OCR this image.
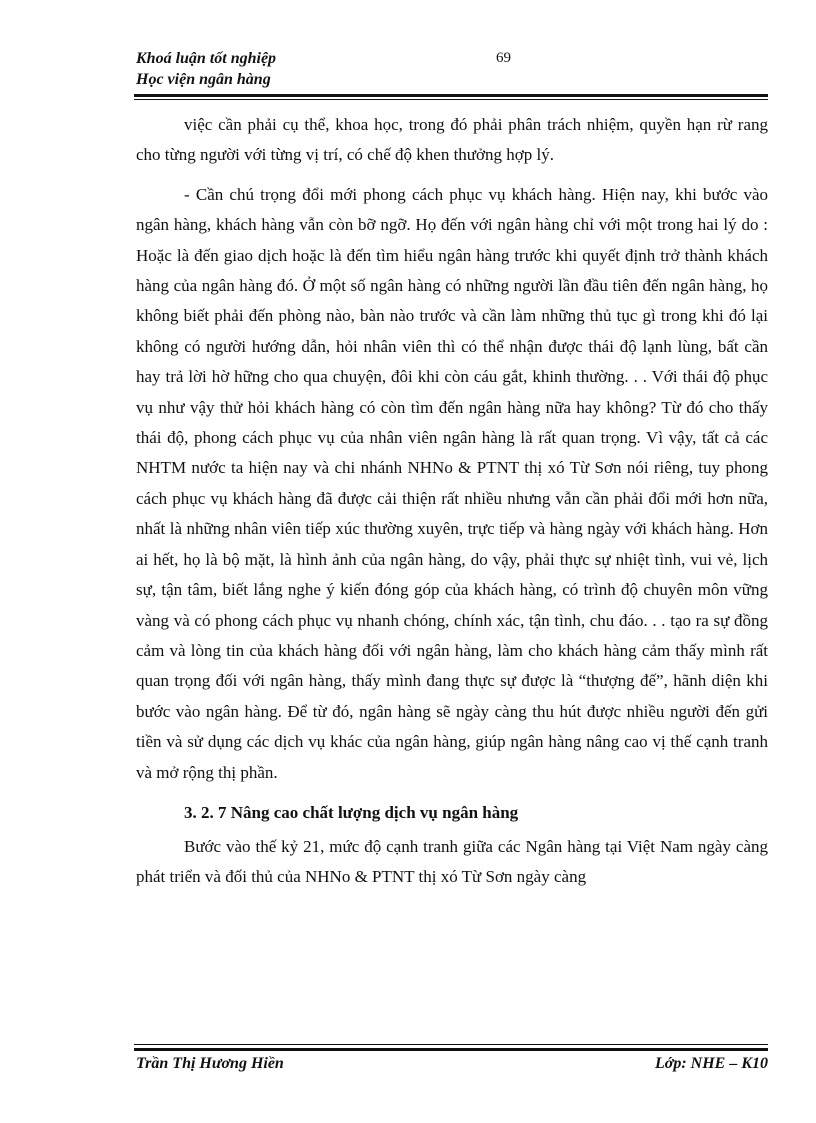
Khoá luận tốt nghiệp
Học viện ngân hàng
69

việc cần phải cụ thể, khoa học, trong đó phải phân trách nhiệm, quyền hạn rừ rang cho từng người với từng vị trí, có chế độ khen thưởng hợp lý.

- Cần chú trọng đổi mới phong cách phục vụ khách hàng. Hiện nay, khi bước vào ngân hàng, khách hàng vẫn còn bỡ ngỡ. Họ đến với ngân hàng chỉ với một trong hai lý do : Hoặc là đến giao dịch hoặc là đến tìm hiểu ngân hàng trước khi quyết định trở thành khách hàng của ngân hàng đó. Ở một số ngân hàng có những người lần đầu tiên đến ngân hàng, họ không biết phải đến phòng nào, bàn nào trước và cần làm những thủ tục gì trong khi đó lại không có người hướng dẫn, hỏi nhân viên thì có thể nhận được thái độ lạnh lùng, bất cần hay trả lời hờ hững cho qua chuyện, đôi khi còn cáu gắt, khinh thường. . . Với thái độ phục vụ như vậy thử hỏi khách hàng có còn tìm đến ngân hàng nữa hay không? Từ đó cho thấy thái độ, phong cách phục vụ của nhân viên ngân hàng là rất quan trọng. Vì vậy, tất cả các NHTM nước ta hiện nay và chi nhánh NHNo & PTNT thị xó Từ Sơn nói riêng, tuy phong cách phục vụ khách hàng đã được cải thiện rất nhiều nhưng vẫn cần phải đổi mới hơn nữa, nhất là những nhân viên tiếp xúc thường xuyên, trực tiếp và hàng ngày với khách hàng. Hơn ai hết, họ là bộ mặt, là hình ảnh của ngân hàng, do vậy, phải thực sự nhiệt tình, vui vẻ, lịch sự, tận tâm, biết lắng nghe ý kiến đóng góp của khách hàng, có trình độ chuyên môn vững vàng và có phong cách phục vụ nhanh chóng, chính xác, tận tình, chu đáo. . . tạo ra sự đồng cảm và lòng tin của khách hàng đối với ngân hàng, làm cho khách hàng cảm thấy mình rất quan trọng đối với ngân hàng, thấy mình đang thực sự được là “thượng đế”, hãnh diện khi bước vào ngân hàng. Để từ đó, ngân hàng sẽ ngày càng thu hút được nhiều người đến gửi tiền và sử dụng các dịch vụ khác của ngân hàng, giúp ngân hàng nâng cao vị thế cạnh tranh và mở rộng thị phần.

3. 2. 7 Nâng cao chất lượng dịch vụ ngân hàng

Bước vào thế kỷ 21, mức độ cạnh tranh giữa các Ngân hàng tại Việt Nam ngày càng phát triển và đối thủ của NHNo & PTNT thị xó Từ Sơn ngày càng

Trần Thị Hương Hiền	Lớp: NHE – K10
